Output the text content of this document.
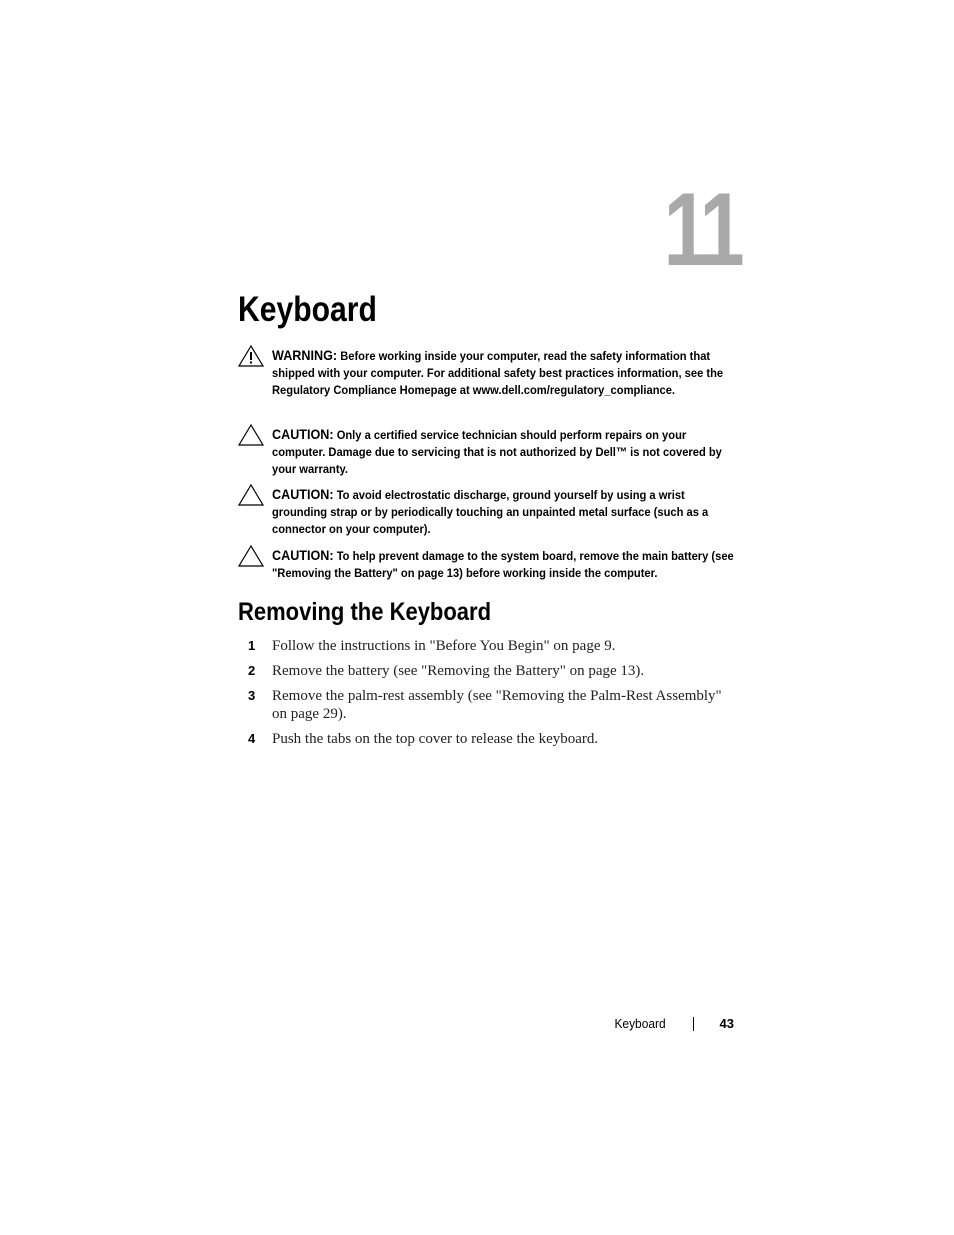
11
Keyboard
WARNING: Before working inside your computer, read the safety information that shipped with your computer. For additional safety best practices information, see the Regulatory Compliance Homepage at www.dell.com/regulatory_compliance.
CAUTION: Only a certified service technician should perform repairs on your computer. Damage due to servicing that is not authorized by Dell™ is not covered by your warranty.
CAUTION: To avoid electrostatic discharge, ground yourself by using a wrist grounding strap or by periodically touching an unpainted metal surface (such as a connector on your computer).
CAUTION: To help prevent damage to the system board, remove the main battery (see "Removing the Battery" on page 13) before working inside the computer.
Removing the Keyboard
1 Follow the instructions in "Before You Begin" on page 9.
2 Remove the battery (see "Removing the Battery" on page 13).
3 Remove the palm-rest assembly (see "Removing the Palm-Rest Assembly" on page 29).
4 Push the tabs on the top cover to release the keyboard.
Keyboard	43
